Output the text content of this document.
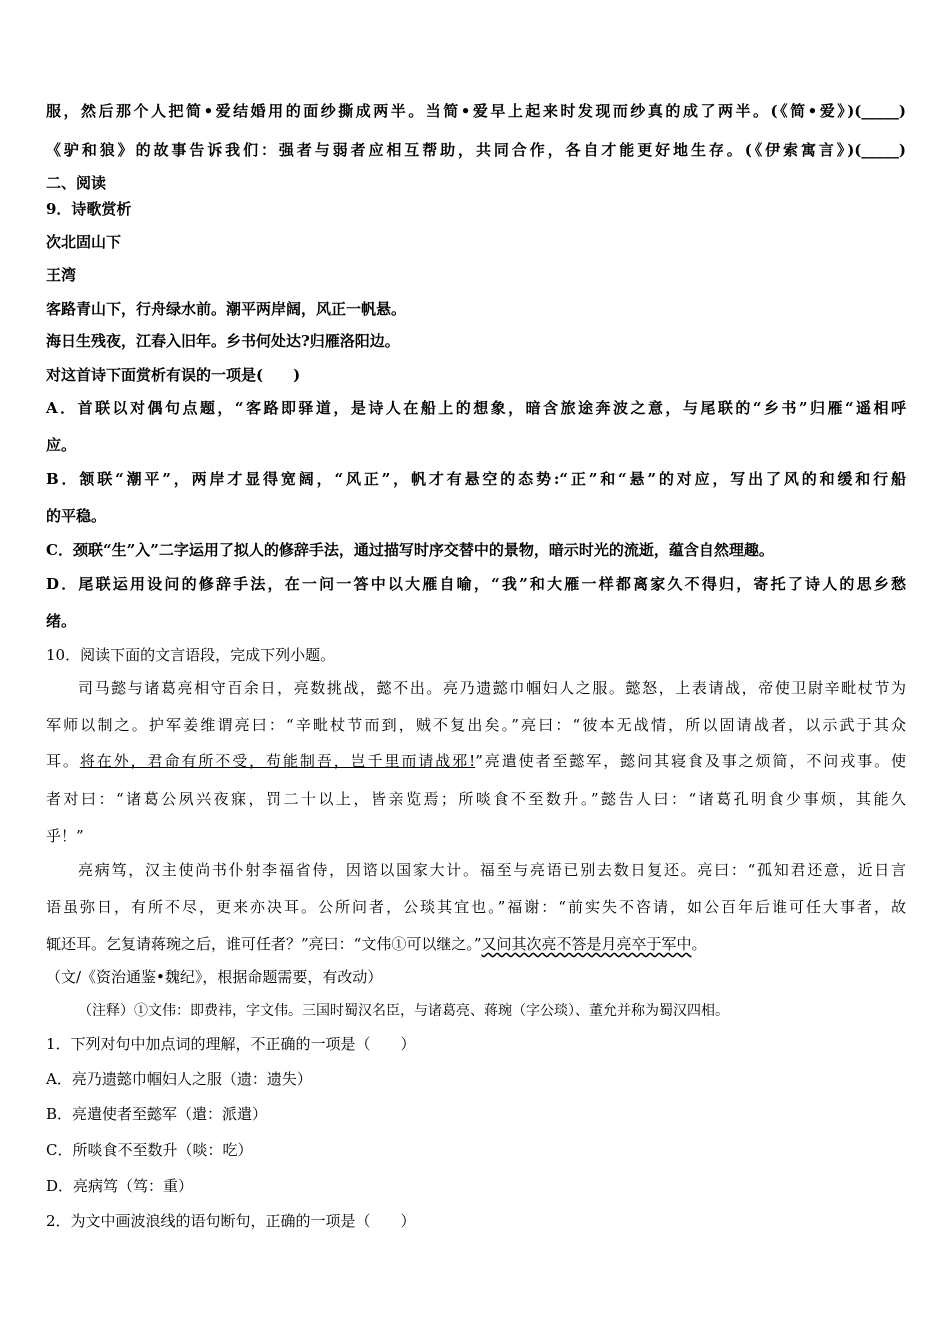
服，然后那个人把简•爱结婚用的面纱撕成两半。当简•爱早上起来时发现而纱真的成了两半。(《简•爱》)(_____)
《驴和狼》的故事告诉我们：强者与弱者应相互帮助，共同合作，各自才能更好地生存。(《伊索寓言》)(_____)
二、阅读
9．诗歌赏析
次北固山下
王湾
客路青山下，行舟绿水前。潮平两岸阔，风正一帆悬。
海日生残夜，江春入旧年。乡书何处达?归雁洛阳边。
对这首诗下面赏析有误的一项是(　　)
A．首联以对偶句点题，“客路即驿道，是诗人在船上的想象，暗含旅途奔波之意，与尾联的“乡书”归雁“遥相呼
应。
B．颔联“潮平”，两岸才显得宽阔，“风正”，帆才有悬空的态势:“正”和“悬”的对应，写出了风的和缓和行船
的平稳。
C．颈联“生”入”二字运用了拟人的修辞手法，通过描写时序交替中的景物，暗示时光的流逝，蕴含自然理趣。
D．尾联运用设问的修辞手法，在一问一答中以大雁自喻，“我”和大雁一样都离家久不得归，寄托了诗人的思乡愁
绪。
10．阅读下面的文言语段，完成下列小题。
司马懿与诸葛亮相守百余日，亮数挑战，懿不出。亮乃遗懿巾帼妇人之服。懿怒，上表请战，帝使卫尉辛毗杖节为
军师以制之。护军姜维谓亮曰：“辛毗杖节而到，贼不复出矣。”亮曰：“彼本无战情，所以固请战者，以示武于其众
耳。将在外，君命有所不受，苟能制吾，岂千里而请战邪!”亮遣使者至懿军，懿问其寝食及事之烦简，不问戎事。使
者对曰：“诸葛公夙兴夜寐，罚二十以上，皆亲览焉；所啖食不至数升。”懿告人曰：“诸葛孔明食少事烦，其能久
乎！”
亮病笃，汉主使尚书仆射李福省侍，因谘以国家大计。福至与亮语已别去数日复还。亮曰：“孤知君还意，近日言
语虽弥日，有所不尽，更来亦决耳。公所问者，公琰其宜也。”福谢：“前实失不咨请，如公百年后谁可任大事者，故
辄还耳。乞复请蒋琬之后，谁可任者？”亮曰：“文伟①可以继之。”又问其次亮不答是月亮卒于军中。
（文/《资治通鉴•魏纪》，根据命题需要，有改动）
（注释）①文伟：即费祎，字文伟。三国时蜀汉名臣，与诸葛亮、蒋琬（字公琰）、董允并称为蜀汉四相。
1．下列对句中加点词的理解，不正确的一项是（　　）
A．亮乃遗懿巾帼妇人之服（遗：遗失）
B．亮遣使者至懿军（遣：派遣）
C．所啖食不至数升（啖：吃）
D．亮病笃（笃：重）
2．为文中画波浪线的语句断句，正确的一项是（　　）
